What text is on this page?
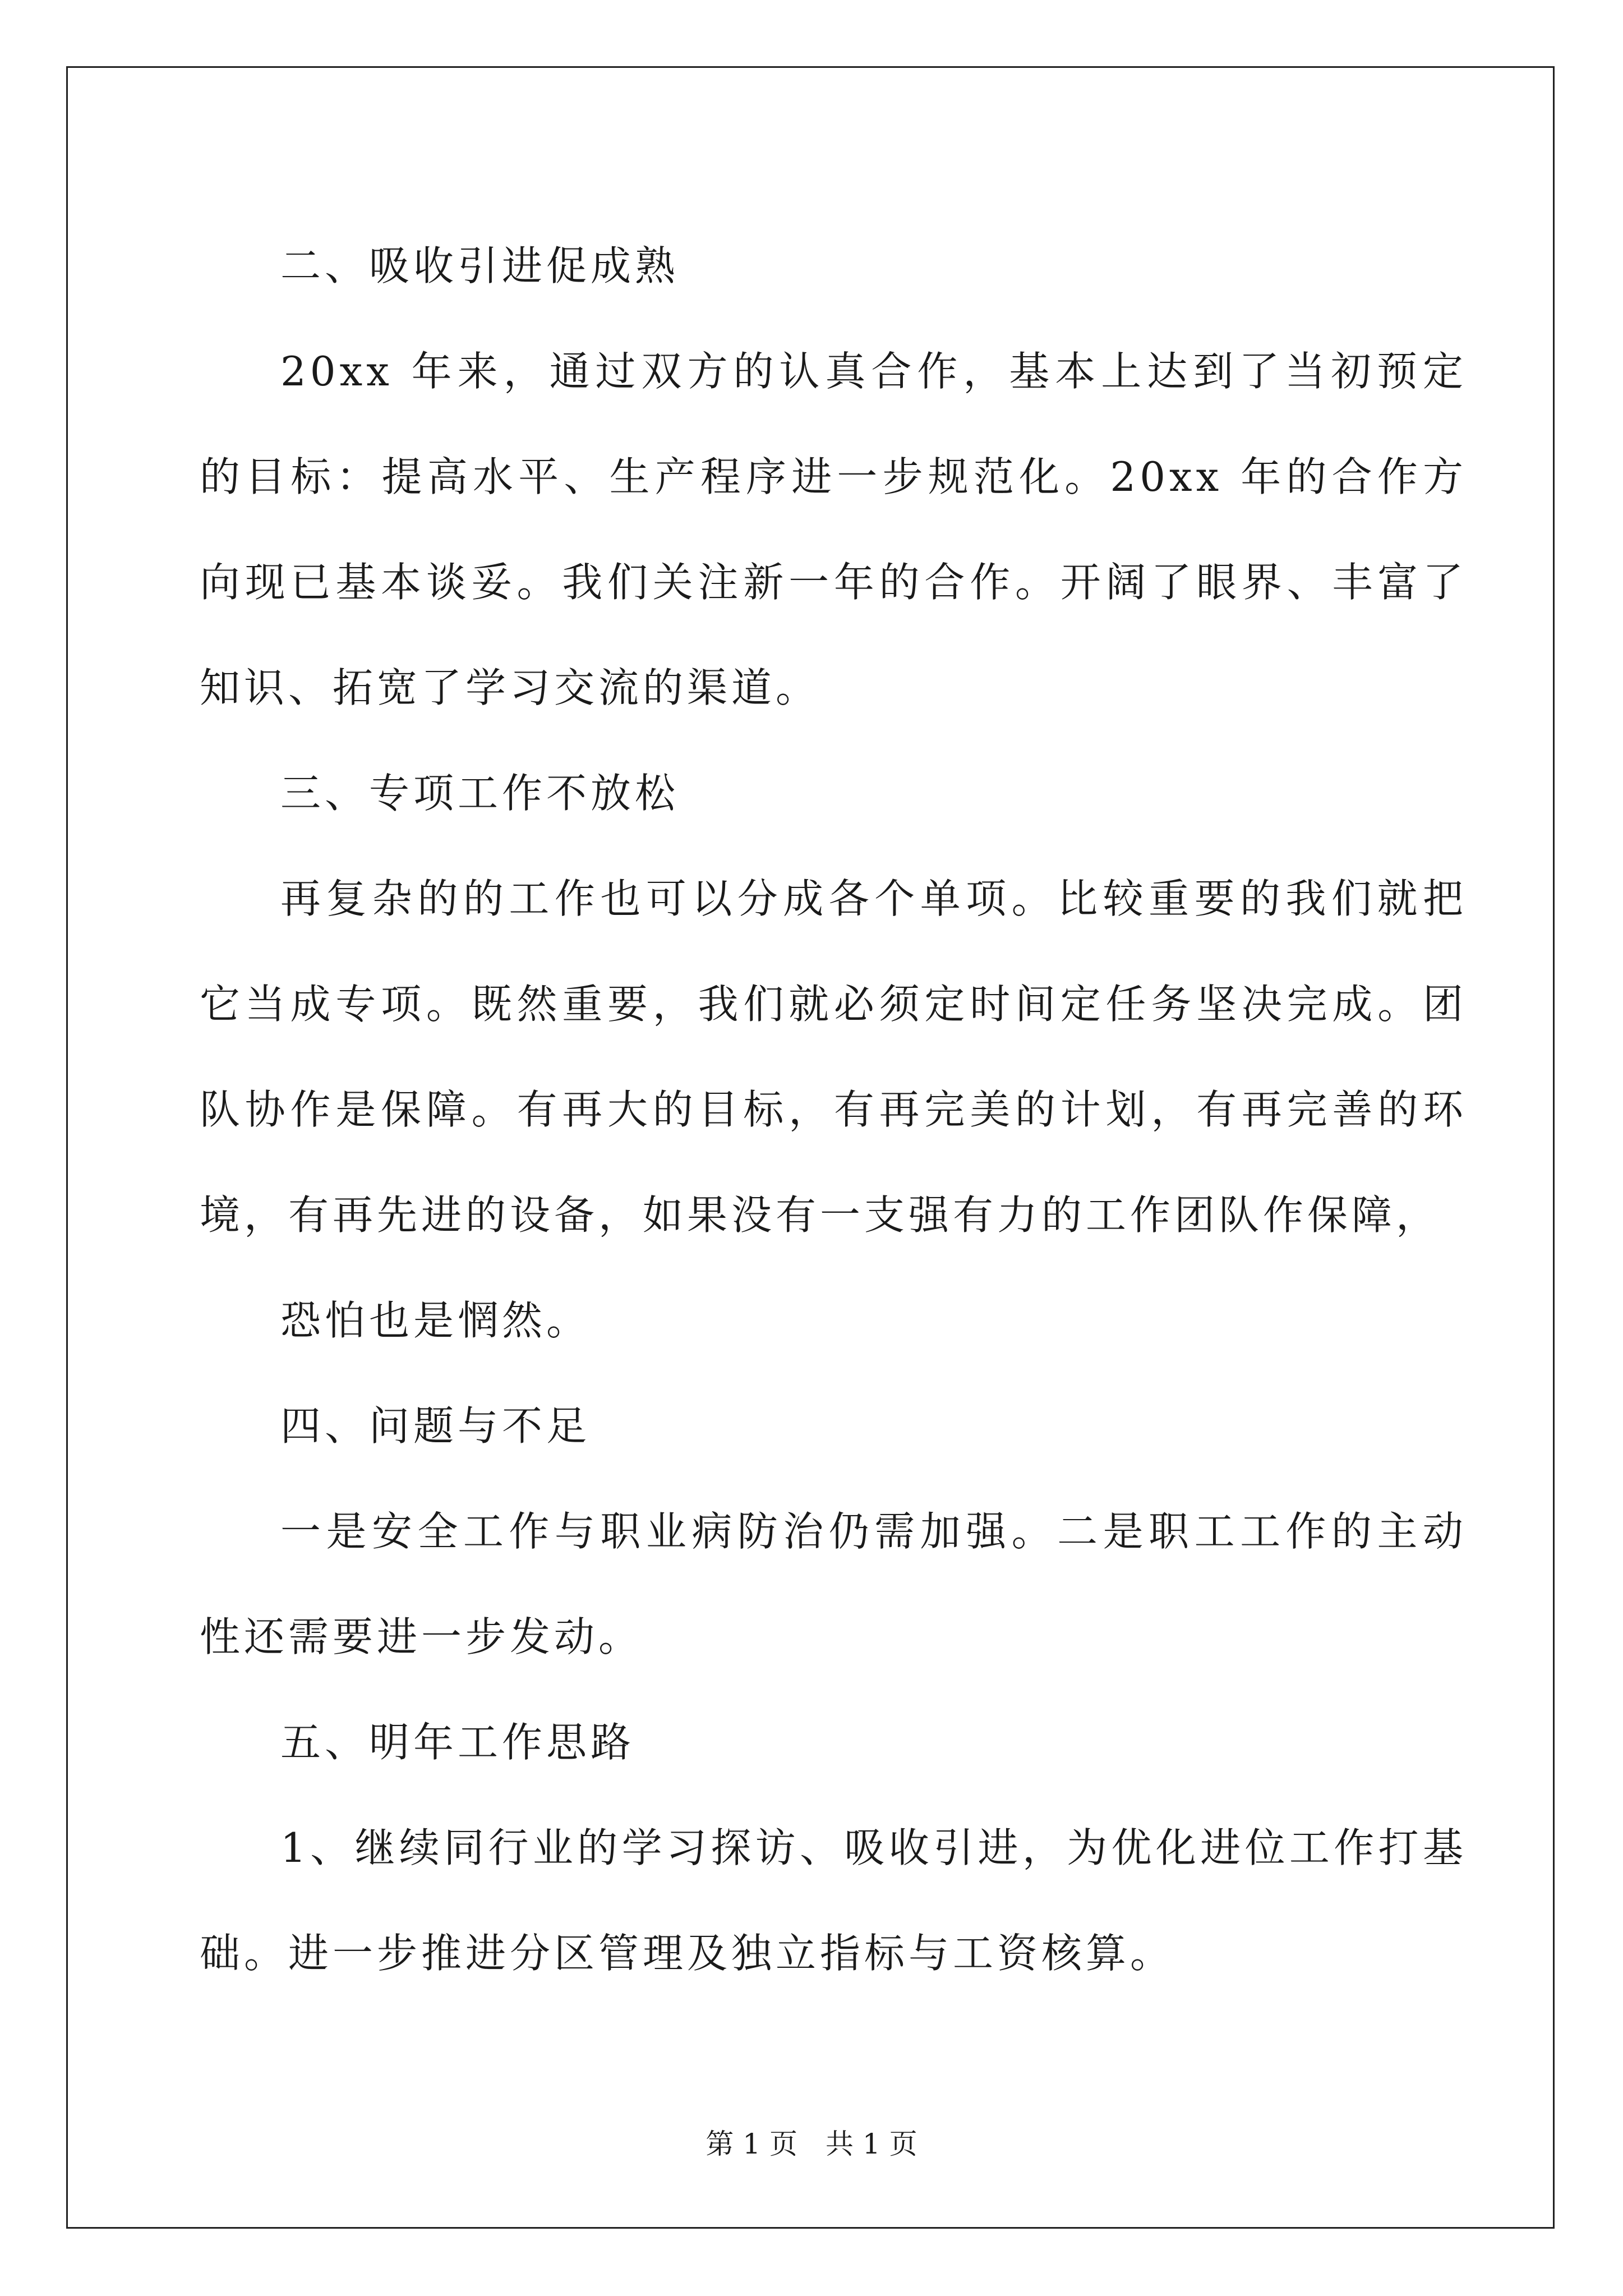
二、吸收引进促成熟

20xx 年来，通过双方的认真合作，基本上达到了当初预定的目标：提高水平、生产程序进一步规范化。20xx 年的合作方向现已基本谈妥。我们关注新一年的合作。开阔了眼界、丰富了知识、拓宽了学习交流的渠道。

三、专项工作不放松

再复杂的的工作也可以分成各个单项。比较重要的我们就把它当成专项。既然重要，我们就必须定时间定任务坚决完成。团队协作是保障。有再大的目标，有再完美的计划，有再完善的环境，有再先进的设备，如果没有一支强有力的工作团队作保障，

恐怕也是惘然。

四、问题与不足

一是安全工作与职业病防治仍需加强。二是职工工作的主动性还需要进一步发动。

五、明年工作思路

1、继续同行业的学习探访、吸收引进，为优化进位工作打基础。进一步推进分区管理及独立指标与工资核算。

第 1 页 共 1 页
